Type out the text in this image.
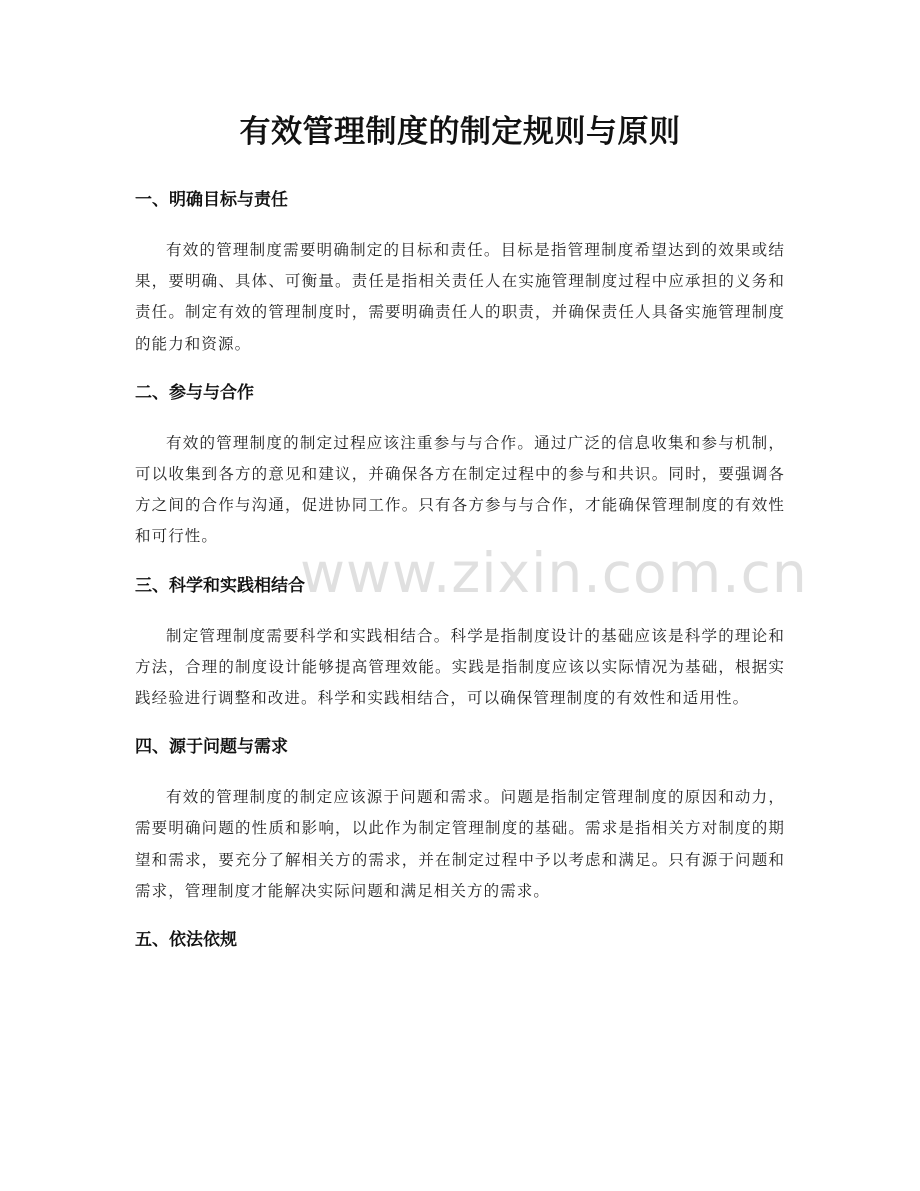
有效管理制度的制定规则与原则
一、明确目标与责任

有效的管理制度需要明确制定的目标和责任。目标是指管理制度希望达到的效果或结果，要明确、具体、可衡量。责任是指相关责任人在实施管理制度过程中应承担的义务和责任。制定有效的管理制度时，需要明确责任人的职责，并确保责任人具备实施管理制度的能力和资源。

二、参与与合作

有效的管理制度的制定过程应该注重参与与合作。通过广泛的信息收集和参与机制，可以收集到各方的意见和建议，并确保各方在制定过程中的参与和共识。同时，要强调各方之间的合作与沟通，促进协同工作。只有各方参与与合作，才能确保管理制度的有效性和可行性。

三、科学和实践相结合

制定管理制度需要科学和实践相结合。科学是指制度设计的基础应该是科学的理论和方法，合理的制度设计能够提高管理效能。实践是指制度应该以实际情况为基础，根据实践经验进行调整和改进。科学和实践相结合，可以确保管理制度的有效性和适用性。

四、源于问题与需求

有效的管理制度的制定应该源于问题和需求。问题是指制定管理制度的原因和动力，需要明确问题的性质和影响，以此作为制定管理制度的基础。需求是指相关方对制度的期望和需求，要充分了解相关方的需求，并在制定过程中予以考虑和满足。只有源于问题和需求，管理制度才能解决实际问题和满足相关方的需求。

五、依法依规
www.zixin.com.cn
